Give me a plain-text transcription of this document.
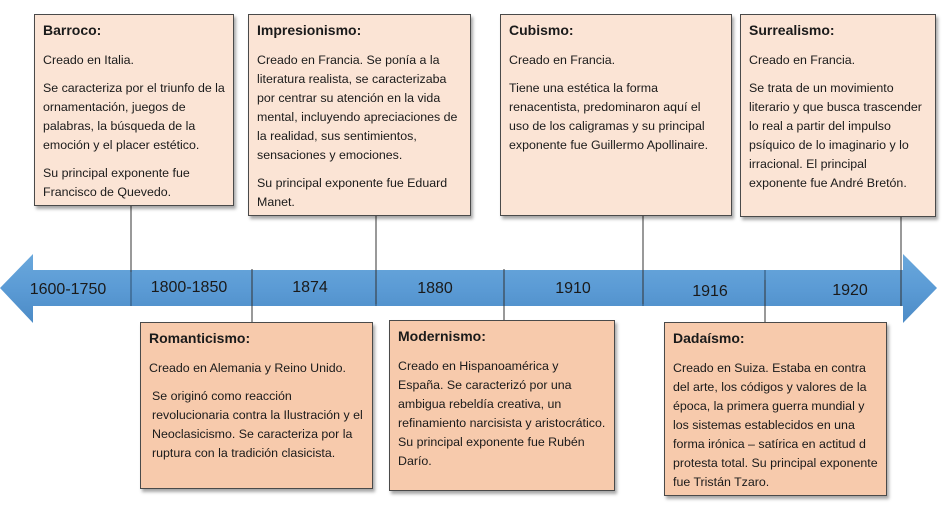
1600-1750	1800-1850	1874	1880	1910	1916	1920
Barroco:

Creado en Italia.

Se caracteriza por el triunfo de la ornamentación, juegos de palabras, la búsqueda de la emoción y el placer estético.

Su principal exponente fue Francisco de Quevedo.

Impresionismo:

Creado en Francia. Se ponía a la literatura realista, se caracterizaba por centrar su atención en la vida mental, incluyendo apreciaciones de la realidad, sus sentimientos, sensaciones y emociones.

Su principal exponente fue Eduard Manet.

Cubismo:

Creado en Francia.

Tiene una estética la forma renacentista, predominaron aquí el uso de los caligramas y su principal exponente fue Guillermo Apollinaire.

Surrealismo:

Creado en Francia.

Se trata de un movimiento literario y que busca trascender lo real a partir del impulso psíquico de lo imaginario y lo irracional. El principal exponente fue André Bretón.

Romanticismo:

Creado en Alemania y Reino Unido.

Se originó como reacción revolucionaria contra la Ilustración y el Neoclasicismo. Se caracteriza por la ruptura con la tradición clasicista.

Modernismo:

Creado en Hispanoamérica y España. Se caracterizó por una ambigua rebeldía creativa, un refinamiento narcisista y aristocrático. Su principal exponente fue Rubén Darío.

Dadaísmo:

Creado en Suiza. Estaba en contra del arte, los códigos y valores de la época, la primera guerra mundial y los sistemas establecidos en una forma irónica – satírica en actitud d protesta total. Su principal exponente fue Tristán Tzaro.
